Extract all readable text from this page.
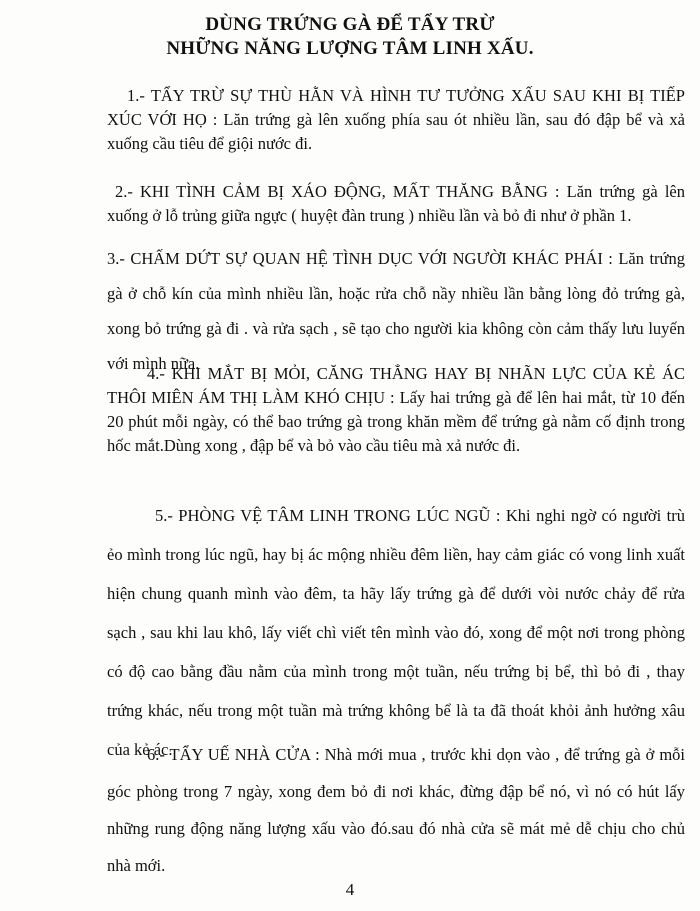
DÙNG TRỨNG GÀ ĐỂ TẨY TRỪ
NHỮNG NĂNG LƯỢNG TÂM LINH XẤU.
1.- TẨY TRỪ SỰ THÙ HẰN VÀ HÌNH TƯ TƯỞNG XẤU SAU KHI BỊ TIẾP XÚC VỚI HỌ : Lăn trứng gà lên xuống phía sau ót nhiều lần, sau đó đập bể và xả xuống cầu tiêu để giội nước đi.
2.- KHI TÌNH CẢM BỊ XÁO ĐỘNG, MẤT THĂNG BẰNG : Lăn trứng gà lên xuống ở lỗ trủng giữa ngực ( huyệt đàn trung ) nhiều lần và bỏ đi như ở phần 1.
3.- CHẤM DỨT SỰ QUAN HỆ TÌNH DỤC VỚI NGƯỜI KHÁC PHÁI : Lăn trứng gà ở chỗ kín của mình nhiều lần, hoặc rửa chỗ nầy nhiều lần bằng lòng đỏ trứng gà, xong bỏ trứng gà đi . và rửa sạch , sẽ tạo cho người kia không còn cảm thấy lưu luyến với mình nữa.
4.- KHI MẮT BỊ MỎI, CĂNG THẲNG HAY BỊ NHÃN LỰC CỦA KẺ ÁC THÔI MIÊN ÁM THỊ LÀM KHÓ CHỊU : Lấy hai trứng gà để lên hai mắt, từ 10 đến 20 phút mỗi ngày, có thể bao trứng gà trong khăn mềm để trứng gà nằm cố định trong hốc mắt.Dùng xong , đập bể và bỏ vào cầu tiêu mà xả nước đi.
5.- PHÒNG VỆ TÂM LINH TRONG LÚC NGŨ : Khi nghi ngờ có người trù ẻo mình trong lúc ngũ, hay bị ác mộng nhiều đêm liền, hay cảm giác có vong linh xuất hiện chung quanh mình vào đêm, ta hãy lấy trứng gà để dưới vòi nước chảy để rửa sạch , sau khi lau khô, lấy viết chì viết tên mình vào đó, xong để một nơi trong phòng có độ cao bằng đầu nằm của mình trong một tuần, nếu trứng bị bể, thì bỏ đi , thay trứng khác, nếu trong một tuần mà trứng không bể là ta đã thoát khỏi ảnh hưởng xâu của kẻ ác.
6.- TẨY UẾ NHÀ CỬA : Nhà mới mua , trước khi dọn vào , để trứng gà ở mỗi góc phòng trong 7 ngày, xong đem bỏ đi nơi khác, đừng đập bể nó, vì nó có hút lấy những rung động năng lượng xấu vào đó.sau đó nhà cửa sẽ mát mẻ dễ chịu cho chủ nhà mới.
4
